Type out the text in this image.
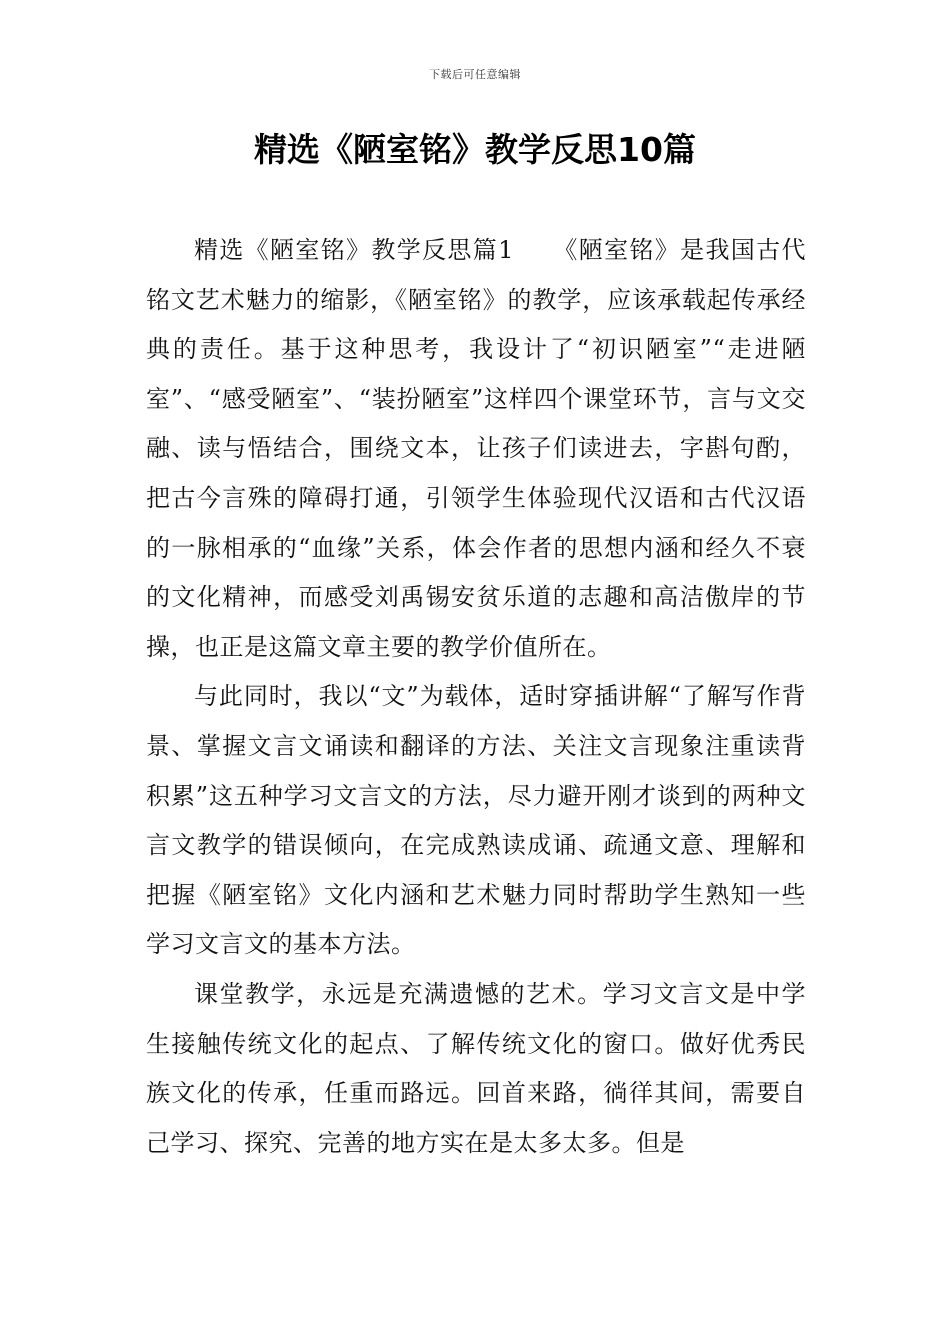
下载后可任意编辑
精选《陋室铭》教学反思10篇

精选《陋室铭》教学反思篇1　　《陋室铭》是我国古代铭文艺术魅力的缩影，《陋室铭》的教学，应该承载起传承经典的责任。基于这种思考，我设计了“初识陋室”“走进陋室”、“感受陋室”、“装扮陋室”这样四个课堂环节，言与文交融、读与悟结合，围绕文本，让孩子们读进去，字斟句酌，把古今言殊的障碍打通，引领学生体验现代汉语和古代汉语的一脉相承的“血缘”关系，体会作者的思想内涵和经久不衰的文化精神，而感受刘禹锡安贫乐道的志趣和高洁傲岸的节操，也正是这篇文章主要的教学价值所在。

与此同时，我以“文”为载体，适时穿插讲解“了解写作背景、掌握文言文诵读和翻译的方法、关注文言现象注重读背积累”这五种学习文言文的方法，尽力避开刚才谈到的两种文言文教学的错误倾向，在完成熟读成诵、疏通文意、理解和把握《陋室铭》文化内涵和艺术魅力同时帮助学生熟知一些学习文言文的基本方法。

课堂教学，永远是充满遗憾的艺术。学习文言文是中学生接触传统文化的起点、了解传统文化的窗口。做好优秀民族文化的传承，任重而路远。回首来路，徜徉其间，需要自己学习、探究、完善的地方实在是太多太多。但是
